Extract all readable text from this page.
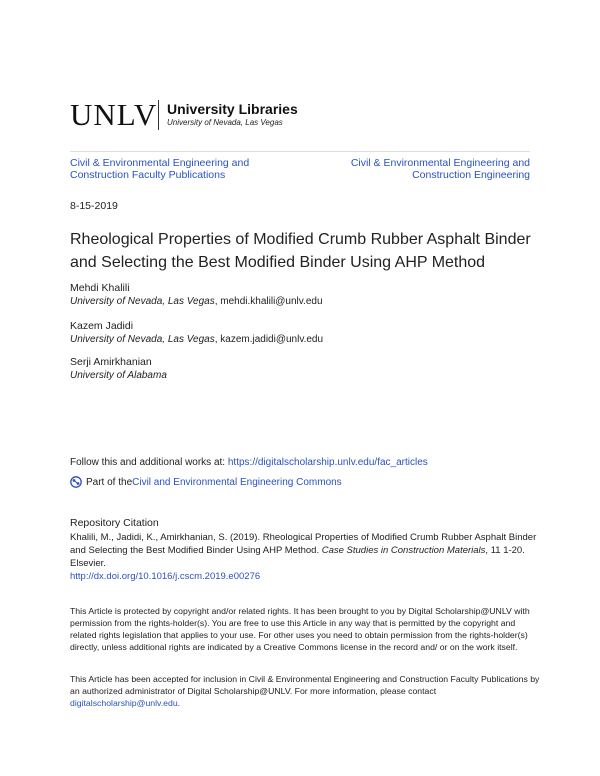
UNLV University Libraries
University of Nevada, Las Vegas
Civil & Environmental Engineering and Construction Faculty Publications
Civil & Environmental Engineering and Construction Engineering
8-15-2019
Rheological Properties of Modified Crumb Rubber Asphalt Binder and Selecting the Best Modified Binder Using AHP Method
Mehdi Khalili
University of Nevada, Las Vegas, mehdi.khalili@unlv.edu
Kazem Jadidi
University of Nevada, Las Vegas, kazem.jadidi@unlv.edu
Serji Amirkhanian
University of Alabama
Follow this and additional works at: https://digitalscholarship.unlv.edu/fac_articles
Part of the Civil and Environmental Engineering Commons
Repository Citation
Khalili, M., Jadidi, K., Amirkhanian, S. (2019). Rheological Properties of Modified Crumb Rubber Asphalt Binder and Selecting the Best Modified Binder Using AHP Method. Case Studies in Construction Materials, 11 1-20. Elsevier.
http://dx.doi.org/10.1016/j.cscm.2019.e00276
This Article is protected by copyright and/or related rights. It has been brought to you by Digital Scholarship@UNLV with permission from the rights-holder(s). You are free to use this Article in any way that is permitted by the copyright and related rights legislation that applies to your use. For other uses you need to obtain permission from the rights-holder(s) directly, unless additional rights are indicated by a Creative Commons license in the record and/ or on the work itself.
This Article has been accepted for inclusion in Civil & Environmental Engineering and Construction Faculty Publications by an authorized administrator of Digital Scholarship@UNLV. For more information, please contact digitalscholarship@unlv.edu.
